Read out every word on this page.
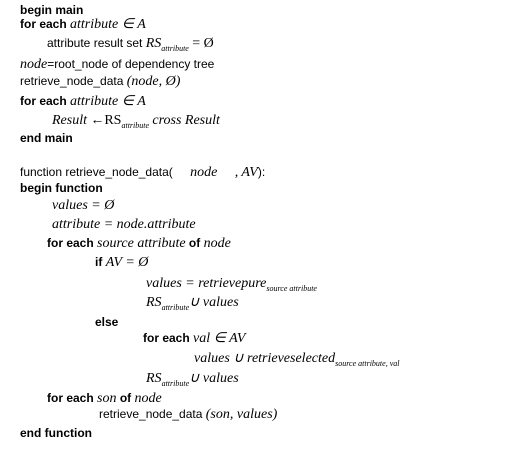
begin main
for each attribute ∈ A
attribute result set $RS_{attribute}$ = Ø
node=root_node of dependency tree
retrieve_node_data (node, Ø)
for each attribute ∈ A
Result $\leftarrow RS_{attribute}$ cross Result
end main
function retrieve_node_data( node , AV):
begin function
values = Ø
attribute = node.attribute
for each source attribute of node
if AV = Ø
values = retrievepure$_{source attribute}$
$RS_{attribute}\cup$ values
else
for each val ∈ AV
values ∪ retrieveselected$_{source attribute, val}$
$RS_{attribute}\cup$ values
for each son of node
retrieve_node_data (son, values)
end function
